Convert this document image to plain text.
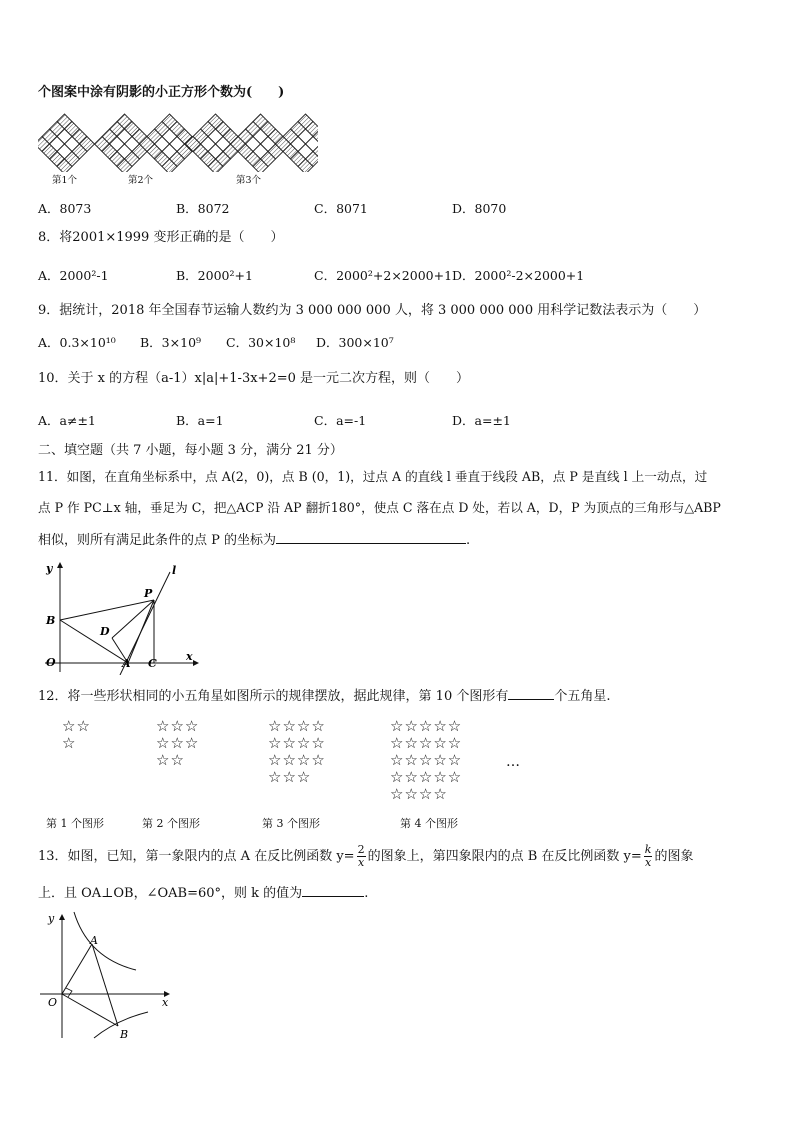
个图案中涂有阴影的小正方形个数为(　　)
第1个	第2个	第3个
A．8073	B．8072	C．8071	D．8070
8．将2001×1999 变形正确的是（　　）
A．2000²-1	B．2000²+1	C．2000²+2×2000+1 D．2000²-2×2000+1
9．据统计，2018 年全国春节运输人数约为 3 000 000 000 人，将 3 000 000 000 用科学记数法表示为（　　）
A．0.3×10¹⁰ B．3×10⁹ C．30×10⁸ D．300×10⁷
10．关于 x 的方程（a-1）x|a|+1-3x+2=0 是一元二次方程，则（　　）
A．a≠±1	B．a=1	C．a=-1	D．a=±1
二、填空题（共 7 小题，每小题 3 分，满分 21 分）
11．如图，在直角坐标系中，点 A(2，0)，点 B (0，1)，过点 A 的直线 l 垂直于线段 AB，点 P 是直线 l 上一动点，过
点 P 作 PC⊥x 轴，垂足为 C，把△ACP 沿 AP 翻折180°，使点 C 落在点 D 处，若以 A，D，P 为顶点的三角形与△ABP
相似，则所有满足此条件的点 P 的坐标为	.
y
x
B
O	A C
D
P
l
12．将一些形状相同的小五角星如图所示的规律摆放，据此规律，第 10 个图形有	个五角星.
☆☆
☆
☆☆☆
☆☆☆
☆☆
☆☆☆☆
☆☆☆☆
☆☆☆☆
☆☆☆
☆☆☆☆☆
☆☆☆☆☆
☆☆☆☆☆
☆☆☆☆☆
☆☆☆☆
…
第 1 个图形	第 2 个图形	第 3 个图形	第 4 个图形
13．如图，已知，第一象限内的点 A 在反比例函数 $y= \frac{2}{x}$ 的图象上，第四象限内的点 B 在反比例函数 $y= \frac{k}{x}$ 的图象
上．且 OA⊥OB，∠OAB=60°，则 k 的值为	.
y
x
O
A
B
